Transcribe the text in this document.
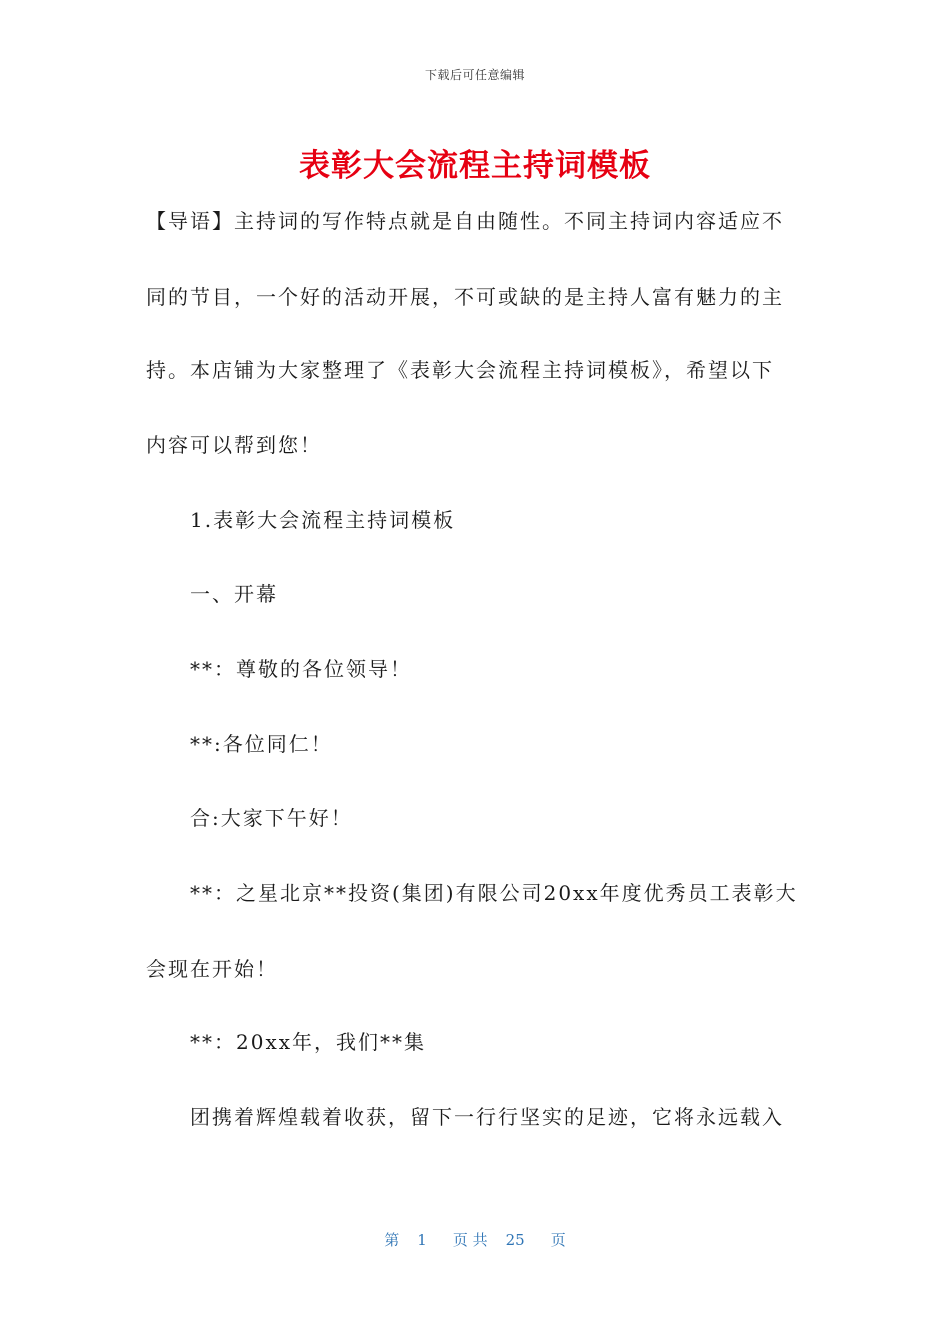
下载后可任意编辑
表彰大会流程主持词模板
【导语】主持词的写作特点就是自由随性。不同主持词内容适应不
同的节目，一个好的活动开展，不可或缺的是主持人富有魅力的主
持。本店铺为大家整理了《表彰大会流程主持词模板》，希望以下
内容可以帮到您！
1.表彰大会流程主持词模板
一、开幕
**：尊敬的各位领导！
**:各位同仁！
合:大家下午好！
**：之星北京**投资(集团)有限公司20xx年度优秀员工表彰大
会现在开始！
**：20xx年，我们**集
团携着辉煌载着收获，留下一行行坚实的足迹，它将永远载入
第 1 页 共 25 页
